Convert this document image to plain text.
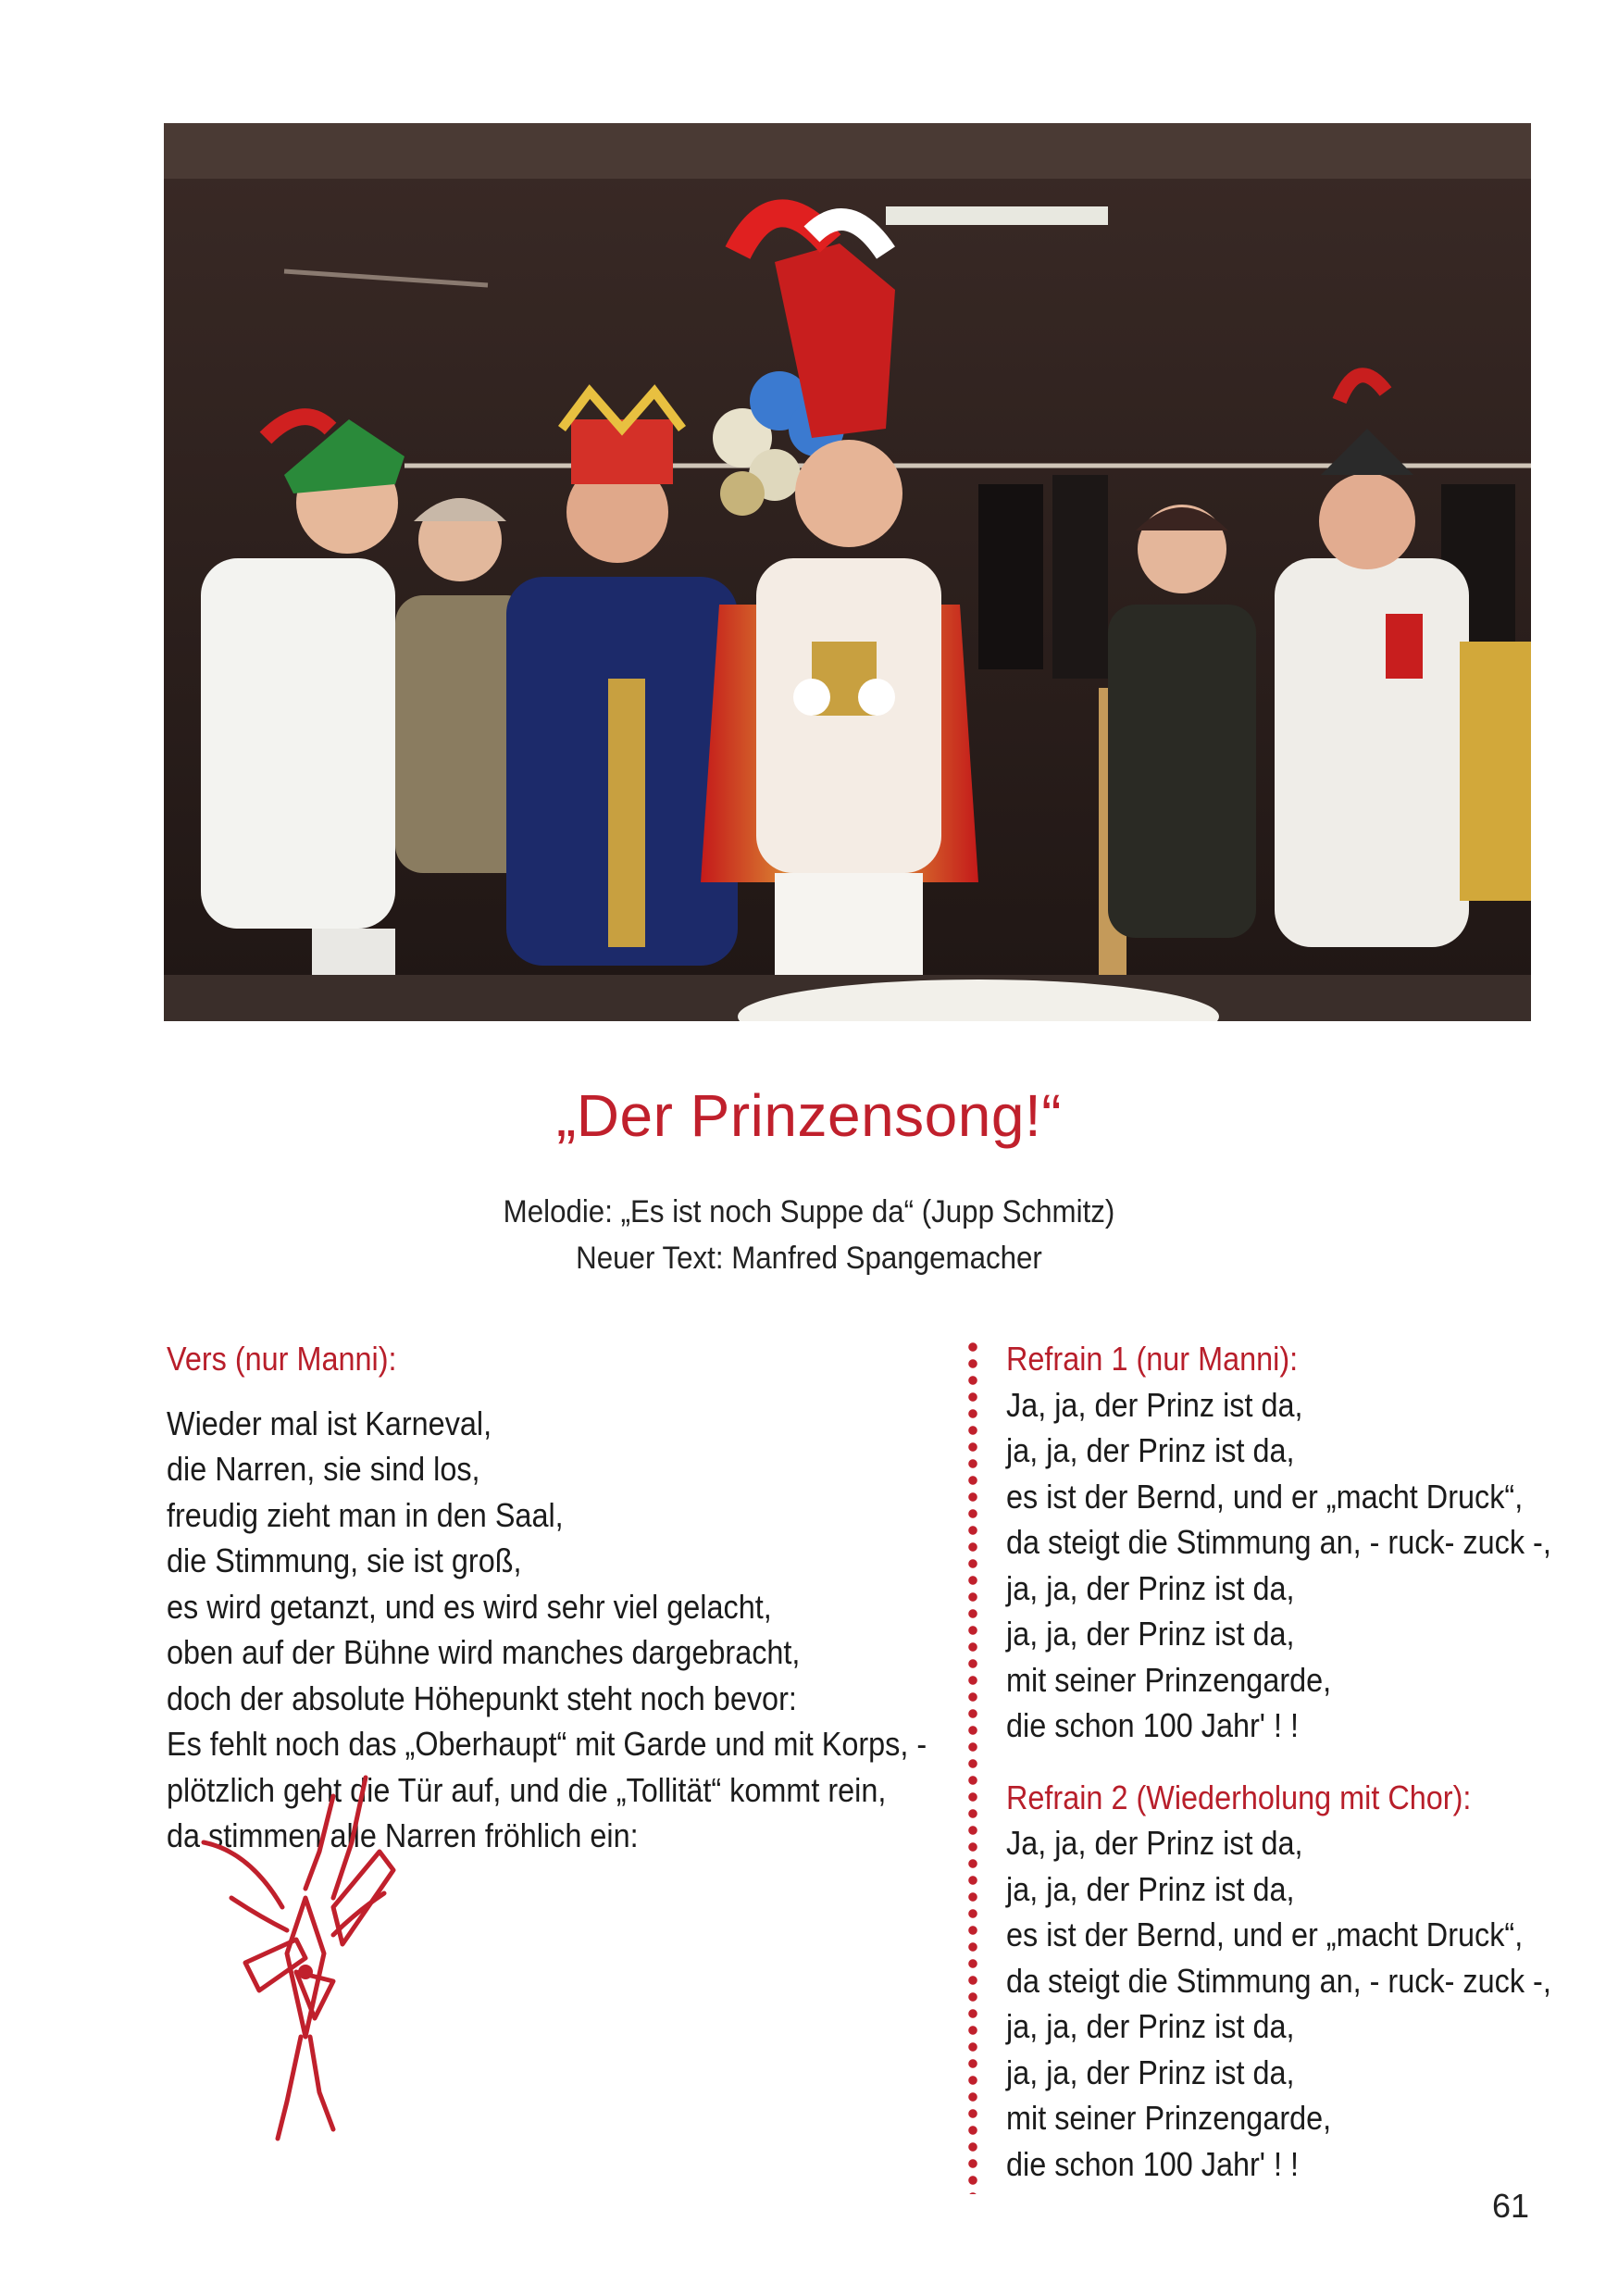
„Der Prinzensong!“
Melodie: „Es ist noch Suppe da“ (Jupp Schmitz)
Neuer Text: Manfred Spangemacher
Vers (nur Manni):
Wieder mal ist Karneval,
die Narren, sie sind los,
freudig zieht man in den Saal,
die Stimmung, sie ist groß,
es wird getanzt, und es wird sehr viel gelacht,
oben auf der Bühne wird manches dargebracht,
doch der absolute Höhepunkt steht noch bevor:
Es fehlt noch das „Oberhaupt“ mit Garde und mit Korps, -
plötzlich geht die Tür auf, und die „Tollität“ kommt rein,
da stimmen alle Narren fröhlich ein:
Refrain 1 (nur Manni):
Ja, ja, der Prinz ist da,
ja, ja, der Prinz ist da,
es ist der Bernd, und er „macht Druck“,
da steigt die Stimmung an, - ruck- zuck -,
ja, ja, der Prinz ist da,
ja, ja, der Prinz ist da,
mit seiner Prinzengarde,
die schon 100 Jahr' ! !
Refrain 2 (Wiederholung mit Chor):
Ja, ja, der Prinz ist da,
ja, ja, der Prinz ist da,
es ist der Bernd, und er „macht Druck“,
da steigt die Stimmung an, - ruck- zuck -,
ja, ja, der Prinz ist da,
ja, ja, der Prinz ist da,
mit seiner Prinzengarde,
die schon 100 Jahr' ! !
61
